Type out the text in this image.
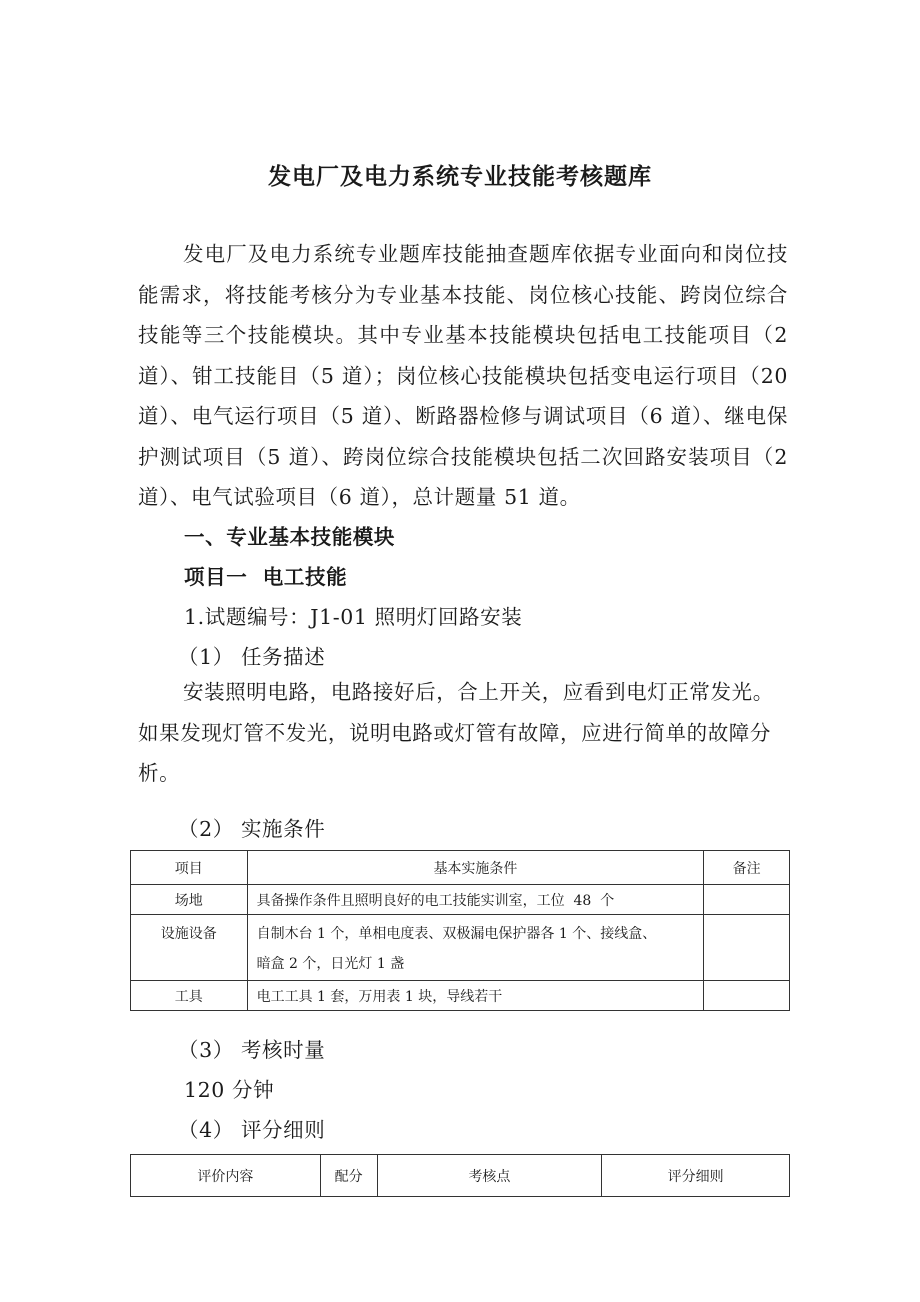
发电厂及电力系统专业技能考核题库
发电厂及电力系统专业题库技能抽查题库依据专业面向和岗位技能需求，将技能考核分为专业基本技能、岗位核心技能、跨岗位综合技能等三个技能模块。其中专业基本技能模块包括电工技能项目（2道）、钳工技能目（5 道）；岗位核心技能模块包括变电运行项目（20道）、电气运行项目（5 道）、断路器检修与调试项目（6 道）、继电保护测试项目（5 道）、跨岗位综合技能模块包括二次回路安装项目（2道）、电气试验项目（6 道），总计题量 51 道。
一、专业基本技能模块
项目一  电工技能
1.试题编号：J1-01 照明灯回路安装
（1） 任务描述
安装照明电路，电路接好后，合上开关，应看到电灯正常发光。如果发现灯管不发光，说明电路或灯管有故障，应进行简单的故障分析。
（2） 实施条件
项目	基本实施条件	备注
场地	具备操作条件且照明良好的电工技能实训室，工位  48  个	
设施设备	自制木台 1 个，单相电度表、双极漏电保护器各 1 个、接线盒、
暗盒 2 个，日光灯 1 盏	

工具	电工工具 1 套，万用表 1 块，导线若干	
（3） 考核时量
120 分钟
（4） 评分细则
评价内容	配分	考核点	评分细则
